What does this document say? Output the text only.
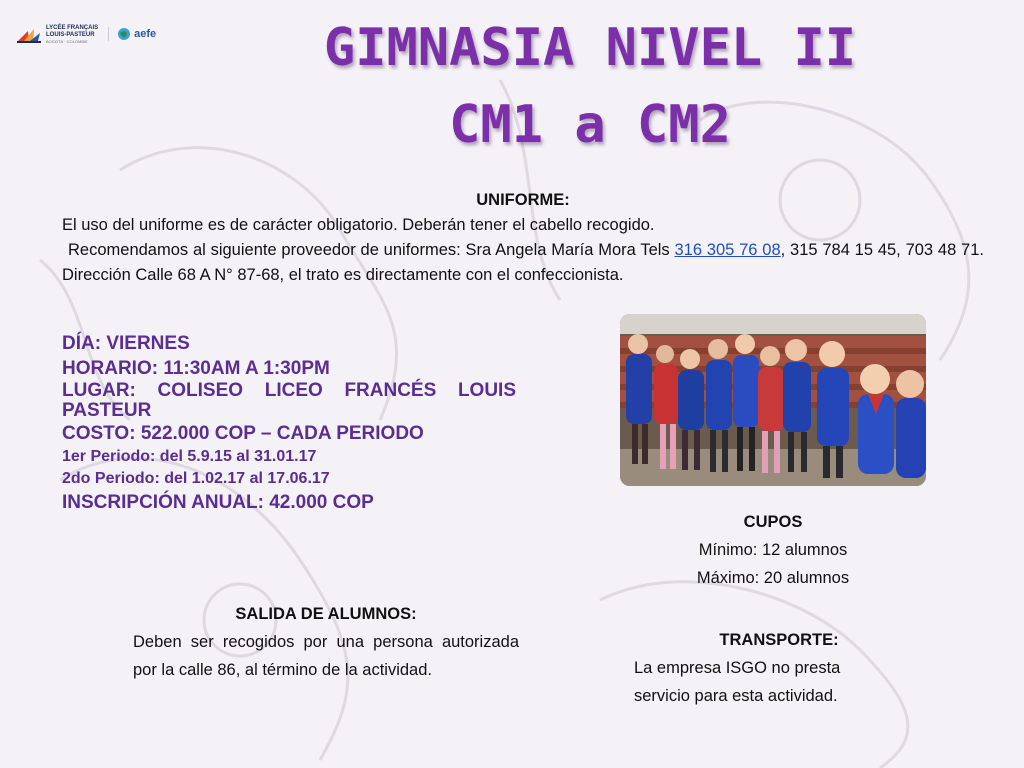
LYCÉE FRANÇAIS
LOUIS-PASTEUR
BOGOTÁ · COLOMBIE
aefe	GIMNASIA NIVEL II
CM1 a CM2
UNIFORME:
El uso del uniforme es de carácter obligatorio. Deberán tener el cabello recogido.
Recomendamos al siguiente proveedor de uniformes: Sra Angela María Mora Tels 316 305 76 08, 315 784 15 45, 703 48 71. Dirección Calle 68 A N° 87-68, el trato es directamente con el confeccionista.
DÍA: VIERNES
HORARIO: 11:30AM A 1:30PM
LUGAR: COLISEO LICEO FRANCÉS LOUIS PASTEUR
COSTO: 522.000 COP – CADA PERIODO
1er Periodo: del 5.9.15 al 31.01.17
2do Periodo: del 1.02.17 al 17.06.17
INSCRIPCIÓN ANUAL: 42.000 COP
CUPOS
Mínimo: 12 alumnos
Máximo: 20 alumnos
SALIDA DE ALUMNOS:
Deben ser recogidos por una persona autorizada por la calle 86, al término de la actividad.
TRANSPORTE:
La empresa ISGO no presta
servicio para esta actividad.
